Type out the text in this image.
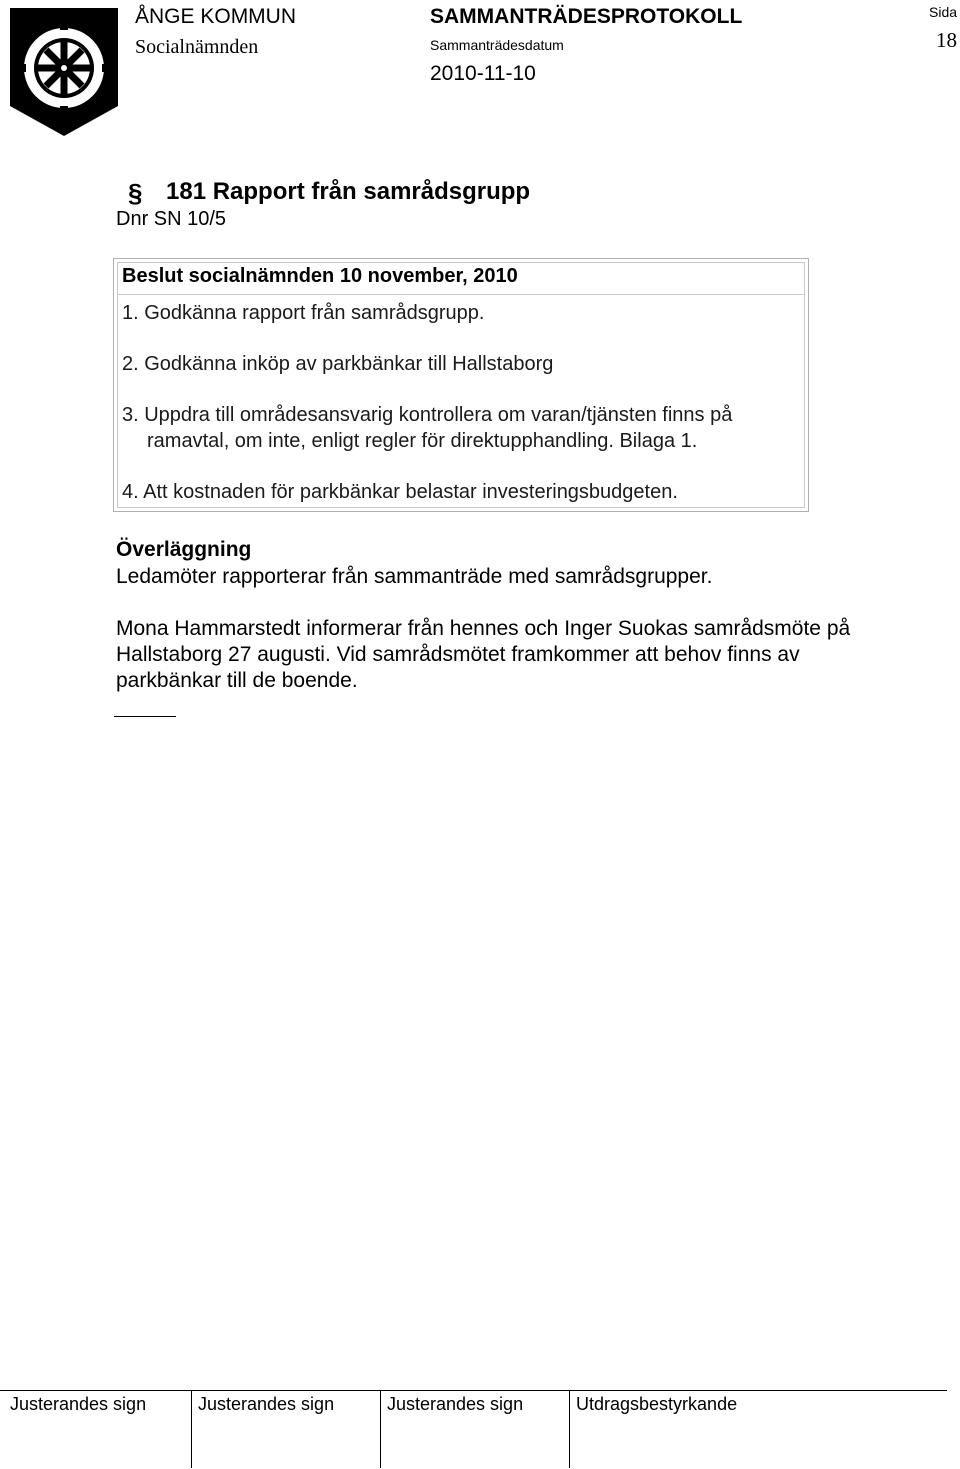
ÅNGE KOMMUN
Socialnämnden
SAMMANTRÄDESPROTOKOLL
Sammanträdesdatum
2010-11-10
Sida
18
§ 181 Rapport från samrådsgrupp
Dnr SN 10/5
Beslut socialnämnden 10 november, 2010
1. Godkänna rapport från samrådsgrupp.
2. Godkänna inköp av parkbänkar till Hallstaborg
3. Uppdra till områdesansvarig kontrollera om varan/tjänsten finns på
ramavtal, om inte, enligt regler för direktupphandling. Bilaga 1.
4. Att kostnaden för parkbänkar belastar investeringsbudgeten.
Överläggning
Ledamöter rapporterar från sammanträde med samrådsgrupper.
Mona Hammarstedt informerar från hennes och Inger Suokas samrådsmöte på
Hallstaborg 27 augusti. Vid samrådsmötet framkommer att behov finns av
parkbänkar till de boende.
Justerandes sign	Justerandes sign	Justerandes sign	Utdragsbestyrkande
